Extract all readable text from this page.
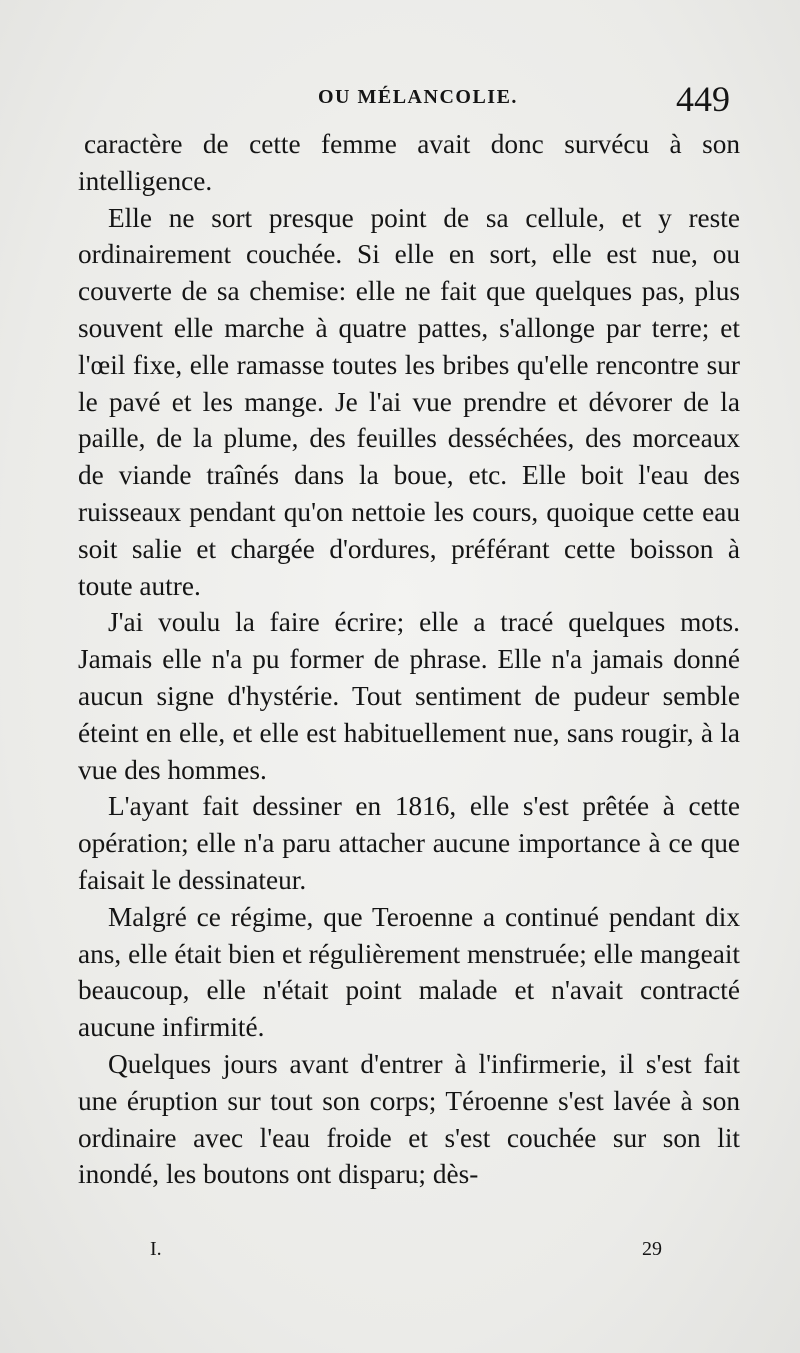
OU MÉLANCOLIE.	449

caractère de cette femme avait donc survécu à son intelligence.

Elle ne sort presque point de sa cellule, et y reste ordinairement couchée. Si elle en sort, elle est nue, ou couverte de sa chemise: elle ne fait que quelques pas, plus souvent elle marche à quatre pattes, s'allonge par terre; et l'œil fixe, elle ramasse toutes les bribes qu'elle rencontre sur le pavé et les mange. Je l'ai vue prendre et dévorer de la paille, de la plume, des feuilles desséchées, des morceaux de viande traînés dans la boue, etc. Elle boit l'eau des ruisseaux pendant qu'on nettoie les cours, quoique cette eau soit salie et chargée d'ordures, préférant cette boisson à toute autre.

J'ai voulu la faire écrire; elle a tracé quelques mots. Jamais elle n'a pu former de phrase. Elle n'a jamais donné aucun signe d'hystérie. Tout sentiment de pudeur semble éteint en elle, et elle est habituellement nue, sans rougir, à la vue des hommes.

L'ayant fait dessiner en 1816, elle s'est prêtée à cette opération; elle n'a paru attacher aucune importance à ce que faisait le dessinateur.

Malgré ce régime, que Teroenne a continué pendant dix ans, elle était bien et régulièrement menstruée; elle mangeait beaucoup, elle n'était point malade et n'avait contracté aucune infirmité.

Quelques jours avant d'entrer à l'infirmerie, il s'est fait une éruption sur tout son corps; Téroenne s'est lavée à son ordinaire avec l'eau froide et s'est couchée sur son lit inondé, les boutons ont disparu; dès-

I.	29
